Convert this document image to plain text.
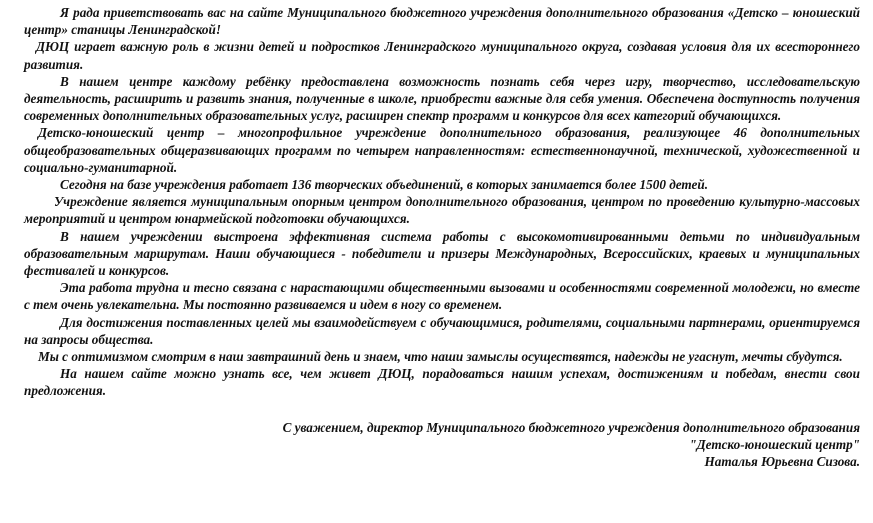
Я рада приветствовать вас на сайте Муниципального бюджетного учреждения дополнительного образования «Детско – юношеский центр» станицы Ленинградской!

ДЮЦ играет важную роль в жизни детей и подростков Ленинградского муниципального округа, создавая условия для их всестороннего развития.

В нашем центре каждому ребёнку предоставлена возможность познать себя через игру, творчество, исследовательскую деятельность, расширить и развить знания, полученные в школе, приобрести важные для себя умения. Обеспечена доступность получения современных дополнительных образовательных услуг, расширен спектр программ и конкурсов для всех категорий обучающихся.

Детско-юношеский центр – многопрофильное учреждение дополнительного образования, реализующее 46 дополнительных общеобразовательных общеразвивающих программ по четырем направленностям: естественнонаучной, технической, художественной и социально-гуманитарной.

Сегодня на базе учреждения работает 136 творческих объединений, в которых занимается более 1500 детей.

Учреждение является муниципальным опорным центром дополнительного образования, центром по проведению культурно-массовых мероприятий и центром юнармейской подготовки обучающихся.

В нашем учреждении выстроена эффективная система работы с высокомотивированными детьми по индивидуальным образовательным маршрутам. Наши обучающиеся - победители и призеры Международных, Всероссийских, краевых и муниципальных фестивалей и конкурсов.

Эта работа трудна и тесно связана с нарастающими общественными вызовами и особенностями современной молодежи, но вместе с тем очень увлекательна. Мы постоянно развиваемся и идем в ногу со временем.

Для достижения поставленных целей мы взаимодействуем с обучающимися, родителями, социальными партнерами, ориентируемся на запросы общества.

Мы с оптимизмом смотрим в наш завтрашний день и знаем, что наши замыслы осуществятся, надежды не угаснут, мечты сбудутся.

На нашем сайте можно узнать все, чем живет ДЮЦ, порадоваться нашим успехам, достижениям и победам, внести свои предложения.

С уважением, директор Муниципального бюджетного учреждения дополнительного образования
"Детско-юношеский центр"
Наталья Юрьевна Сизова.
